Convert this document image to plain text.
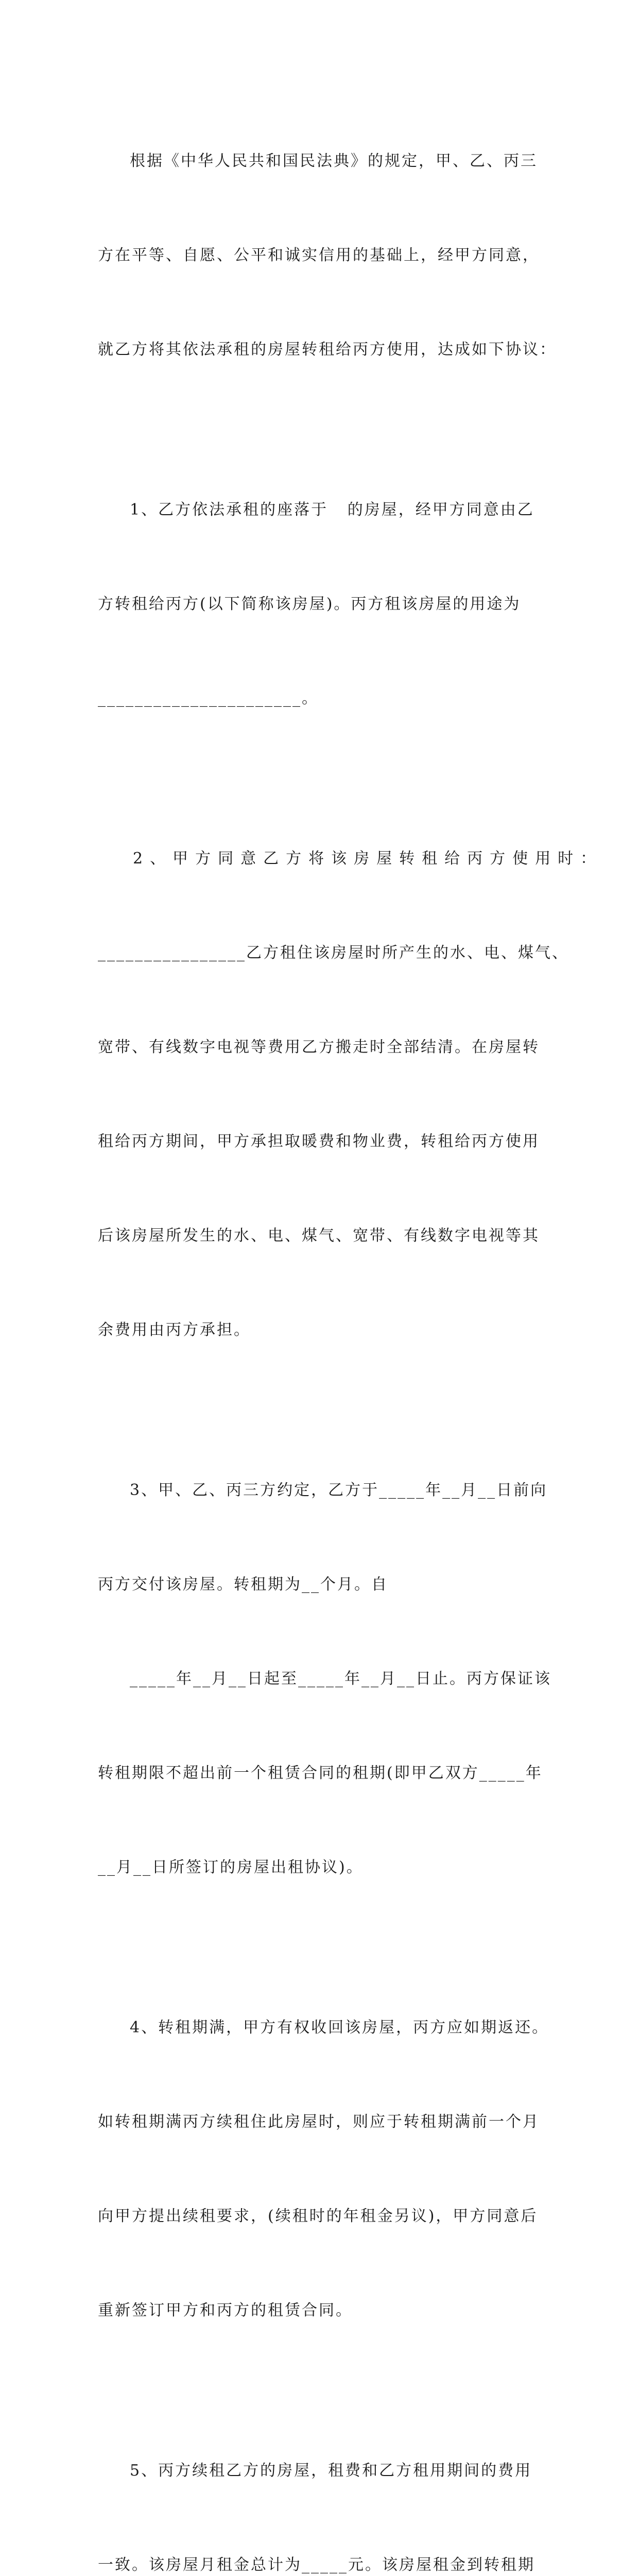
根据《中华人民共和国民法典》的规定，甲、乙、丙三

方在平等、自愿、公平和诚实信用的基础上，经甲方同意，

就乙方将其依法承租的房屋转租给丙方使用，达成如下协议：

1、乙方依法承租的座落于   的房屋，经甲方同意由乙

方转租给丙方(以下简称该房屋)。丙方租该房屋的用途为

______________________。

2、甲方同意乙方将该房屋转租给丙方使用时：

________________乙方租住该房屋时所产生的水、电、煤气、

宽带、有线数字电视等费用乙方搬走时全部结清。在房屋转

租给丙方期间，甲方承担取暖费和物业费，转租给丙方使用

后该房屋所发生的水、电、煤气、宽带、有线数字电视等其

余费用由丙方承担。

3、甲、乙、丙三方约定，乙方于_____年__月__日前向

丙方交付该房屋。转租期为__个月。自

_____年__月__日起至_____年__月__日止。丙方保证该

转租期限不超出前一个租赁合同的租期(即甲乙双方_____年

__月__日所签订的房屋出租协议)。

4、转租期满，甲方有权收回该房屋，丙方应如期返还。

如转租期满丙方续租住此房屋时，则应于转租期满前一个月

向甲方提出续租要求，(续租时的年租金另议)，甲方同意后

重新签订甲方和丙方的租赁合同。

5、丙方续租乙方的房屋，租费和乙方租用期间的费用

一致。该房屋月租金总计为_____元。该房屋租金到转租期
